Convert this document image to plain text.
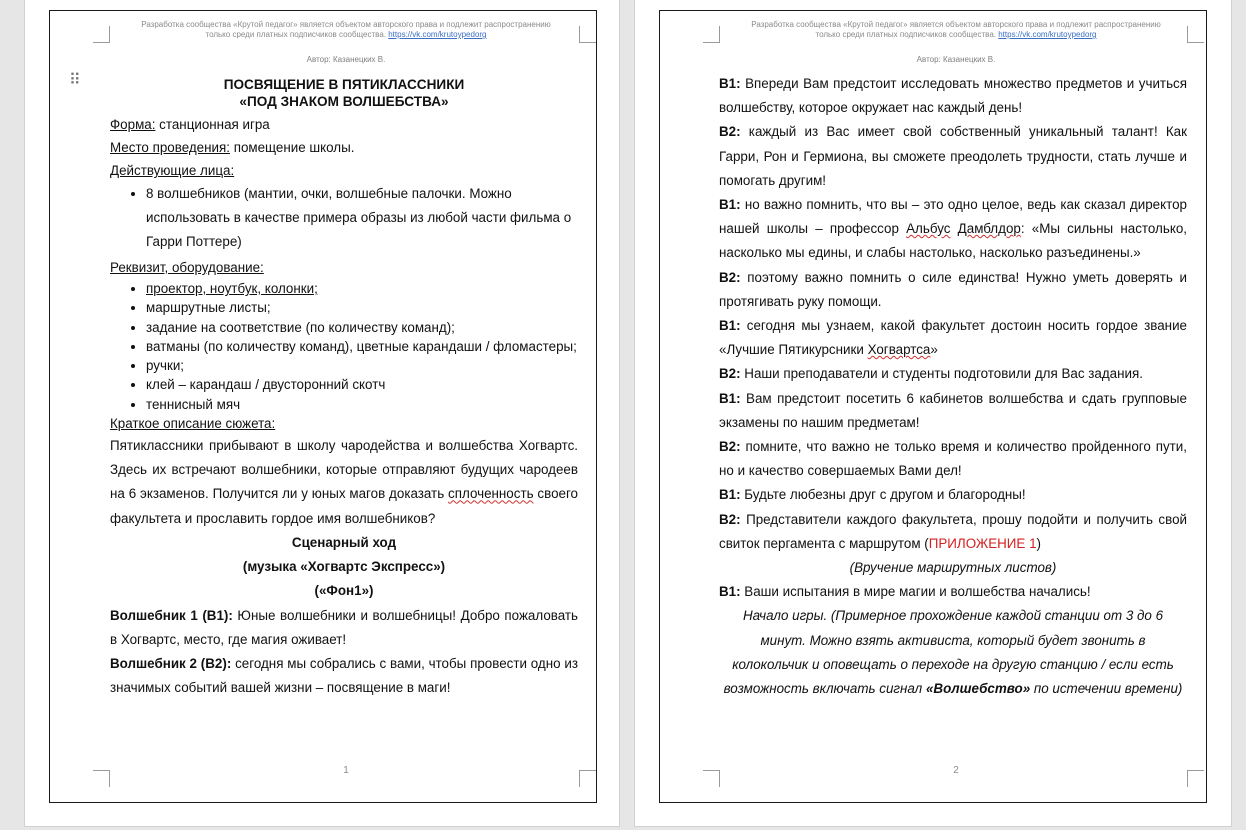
Разработка сообщества «Крутой педагог» является объектом авторского права и подлежит распространению
только среди платных подписчиков сообщества. https://vk.com/krutoypedorg
Автор: Казанецких В.
⠿	ПОСВЯЩЕНИЕ В ПЯТИКЛАССНИКИ

«ПОД ЗНАКОМ ВОЛШЕБСТВА»

Форма: станционная игра

Место проведения: помещение школы.

Действующие лица:

• 8 волшебников (мантии, очки, волшебные палочки. Можно использовать в качестве примера образы из любой части фильма о Гарри Поттере)

Реквизит, оборудование:

• проектор, ноутбук, колонки;
• маршрутные листы;
• задание на соответствие (по количеству команд);
• ватманы (по количеству команд), цветные карандаши / фломастеры;
• ручки;
• клей – карандаш / двусторонний скотч
• теннисный мяч

Краткое описание сюжета:

Пятиклассники прибывают в школу чародейства и волшебства Хогвартс. Здесь их встречают волшебники, которые отправляют будущих чародеев на 6 экзаменов. Получится ли у юных магов доказать сплоченность своего факультета и прославить гордое имя волшебников?

Сценарный ход

(музыка «Хогвартс Экспресс»)

(«Фон1»)

Волшебник 1 (В1): Юные волшебники и волшебницы! Добро пожаловать в Хогвартс, место, где магия оживает!

Волшебник 2 (В2): сегодня мы собрались с вами, чтобы провести одно из значимых событий вашей жизни – посвящение в маги!

1
Разработка сообщества «Крутой педагог» является объектом авторского права и подлежит распространению
только среди платных подписчиков сообщества. https://vk.com/krutoypedorg
Автор: Казанецких В.

В1: Впереди Вам предстоит исследовать множество предметов и учиться волшебству, которое окружает нас каждый день!

В2: каждый из Вас имеет свой собственный уникальный талант! Как Гарри, Рон и Гермиона, вы сможете преодолеть трудности, стать лучше и помогать другим!

В1: но важно помнить, что вы – это одно целое, ведь как сказал директор нашей школы – профессор Альбус Дамблдор: «Мы сильны настолько, насколько мы едины, и слабы настолько, насколько разъединены.»

В2: поэтому важно помнить о силе единства! Нужно уметь доверять и протягивать руку помощи.

В1: сегодня мы узнаем, какой факультет достоин носить гордое звание «Лучшие Пятикурсники Хогвартса»

В2: Наши преподаватели и студенты подготовили для Вас задания.

В1: Вам предстоит посетить 6 кабинетов волшебства и сдать групповые экзамены по нашим предметам!

В2: помните, что важно не только время и количество пройденного пути, но и качество совершаемых Вами дел!

В1: Будьте любезны друг с другом и благородны!

В2: Представители каждого факультета, прошу подойти и получить свой свиток пергамента с маршрутом (ПРИЛОЖЕНИЕ 1)

(Вручение маршрутных листов)

В1: Ваши испытания в мире магии и волшебства начались!

Начало игры. (Примерное прохождение каждой станции от 3 до 6 минут. Можно взять активиста, который будет звонить в колокольчик и оповещать о переходе на другую станцию / если есть возможность включать сигнал «Волшебство» по истечении времени)

2
